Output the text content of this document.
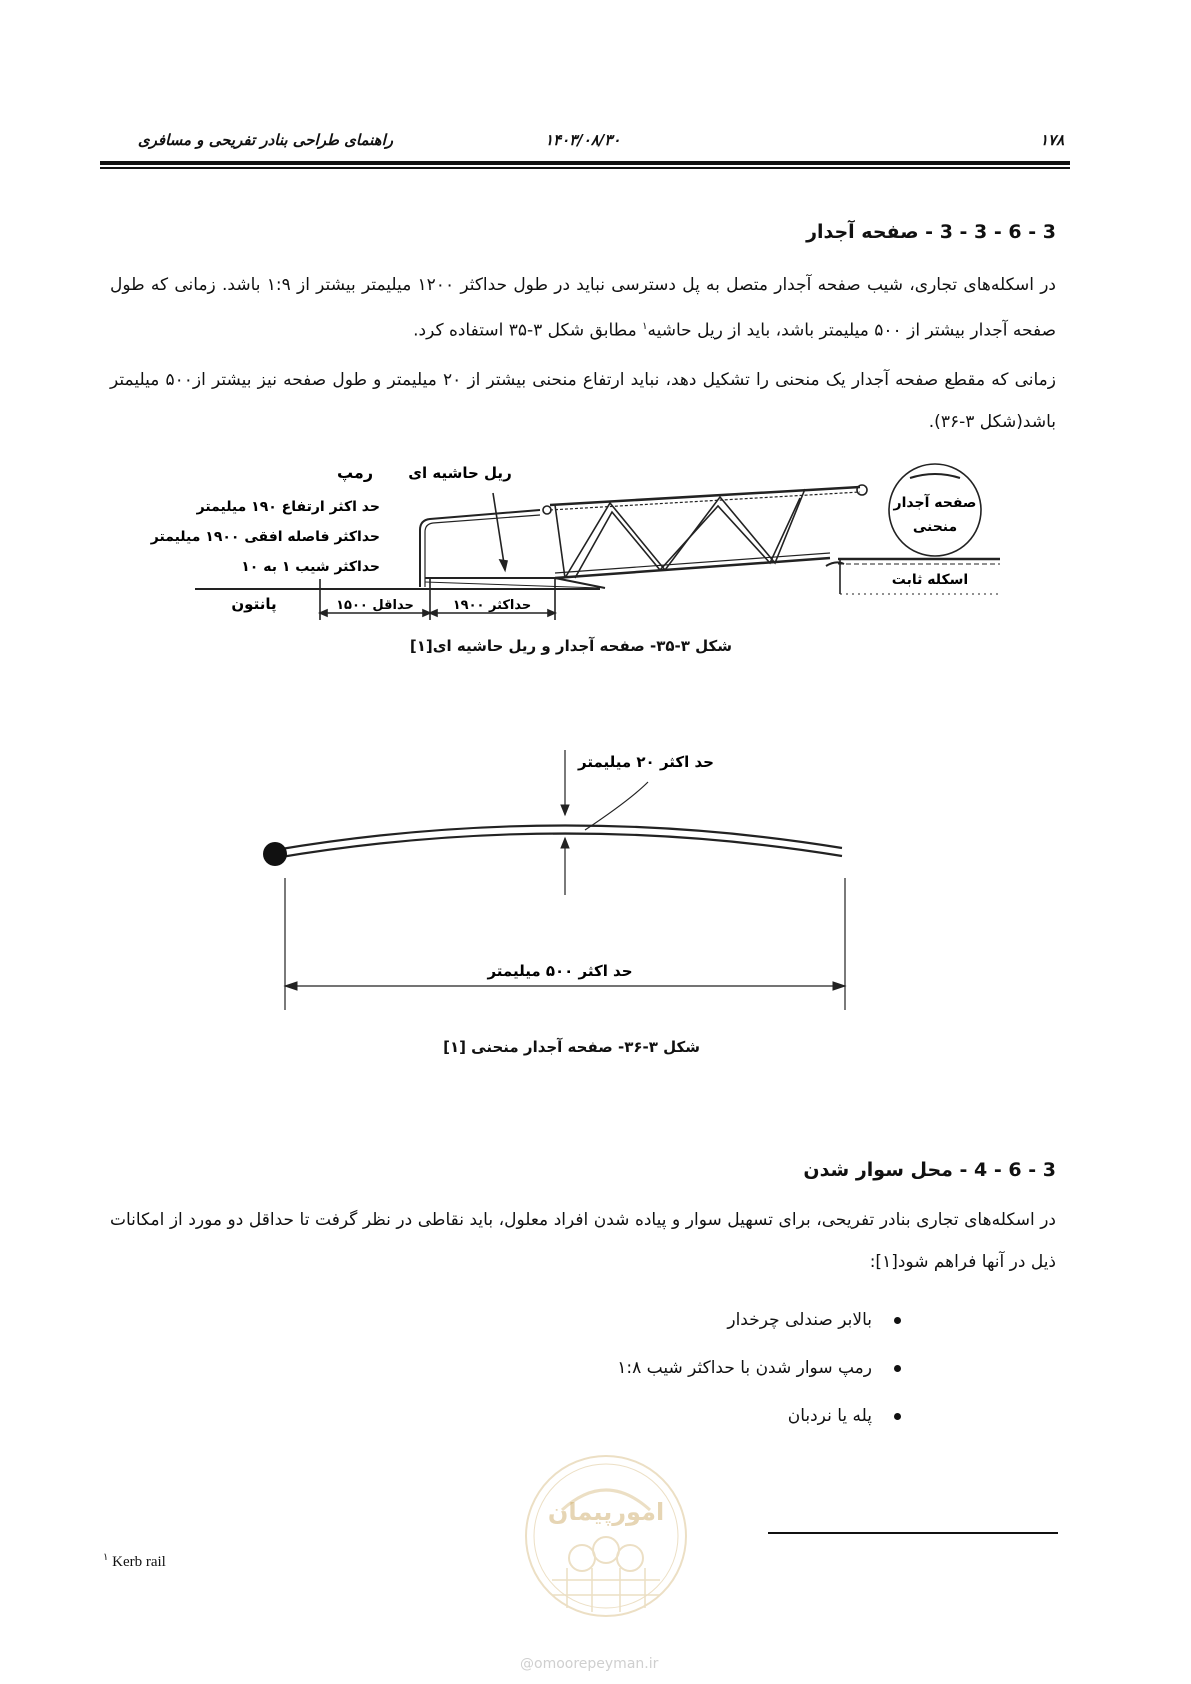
۱۷۸
۱۴۰۳/۰۸/۳۰
راهنمای طراحی بنادر تفریحی و مسافری
3 - 6 - 3 - 3 - صفحه آجدار
در اسکله‌های تجاری، شیب صفحه آجدار متصل به پل دسترسی نباید در طول حداکثر ۱۲۰۰ میلیمتر بیشتر از ۱:۹ باشد. زمانی که طول صفحه آجدار بیشتر از ۵۰۰ میلیمتر باشد، باید از ریل حاشیه$^۱$ مطابق شکل ۳-۳۵ استفاده کرد.
زمانی که مقطع صفحه آجدار یک منحنی را تشکیل دهد، نباید ارتفاع منحنی بیشتر از ۲۰ میلیمتر و طول صفحه نیز بیشتر از۵۰۰ میلیمتر باشد(شکل ۳-۳۶).
رمپ ریل حاشیه ای
حد اکثر ارتفاع ۱۹۰ میلیمتر
حداکثر فاصله افقی ۱۹۰۰ میلیمتر
حداکثر شیب ۱ به ۱۰
پانتون	حداقل ۱۵۰۰	حداکثر ۱۹۰۰
صفحه آجدار
منحنی
اسکله ثابت
شکل ۳-۳۵- صفحه آجدار و ریل حاشیه ای[۱]
حد اکثر ۲۰ میلیمتر
حد اکثر ۵۰۰ میلیمتر
شکل ۳-۳۶- صفحه آجدار منحنی [۱]
3 - 6 - 4 - محل سوار شدن
در اسکله‌های تجاری بنادر تفریحی، برای تسهیل سوار و پیاده شدن افراد معلول، باید نقاطی در نظر گرفت تا حداقل دو مورد از امکانات ذیل در آنها فراهم شود[۱]:
بالابر صندلی چرخدار
رمپ سوار شدن با حداکثر شیب ۱:۸
پله یا نردبان
امورپیمان
$^۱$ Kerb rail
@omoorepeyman.ir
